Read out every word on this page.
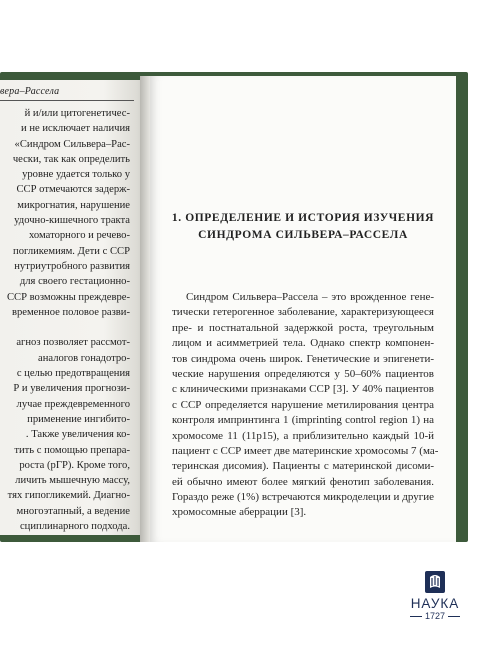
вера–Рассела
й и/или цитогенетичес-
и не исключает наличия
«Синдром Сильвера–Рас-
чески, так как определить
уровне удается только у
ССР отмечаются задерж-
микрогнатия, нарушение
удочно-кишечного тракта
хоматорного и речево-
погликемиям. Дети с ССР
нутриутробного развития
для своего гестационно-
ССР возможны преждевре-
временное половое разви-
агноз позволяет рассмот-
аналогов гонадотро-
с целью предотвращения
Р и увеличения прогнози-
лучае преждевременного
применение ингибито-
. Также увеличения ко-
тить с помощью препара-
роста (рГР). Кроме того,
личить мышечную массу,
тях гипогликемий. Диагно-
многоэтапный, а ведение
сциплинарного подхода.
1. ОПРЕДЕЛЕНИЕ И ИСТОРИЯ ИЗУЧЕНИЯ
СИНДРОМА СИЛЬВЕРА–РАССЕЛА
Синдром Сильвера–Рассела – это врожденное гене-
тически гетерогенное заболевание, характеризующееся
пре- и постнатальной задержкой роста, треугольным
лицом и асимметрией тела. Однако спектр компонен-
тов синдрома очень широк. Генетические и эпигенети-
ческие нарушения определяются у 50–60% пациентов
с клиническими признаками ССР [3]. У 40% пациентов
с ССР определяется нарушение метилирования центра
контроля импринтинга 1 (imprinting control region 1) на
хромосоме 11 (11p15), а приблизительно каждый 10-й
пациент с ССР имеет две материнские хромосомы 7 (ма-
теринская дисомия). Пациенты с материнской дисоми-
ей обычно имеют более мягкий фенотип заболевания.
Гораздо реже (1%) встречаются микроделеции и другие
хромосомные аберрации [3].
НАУКА
1727
